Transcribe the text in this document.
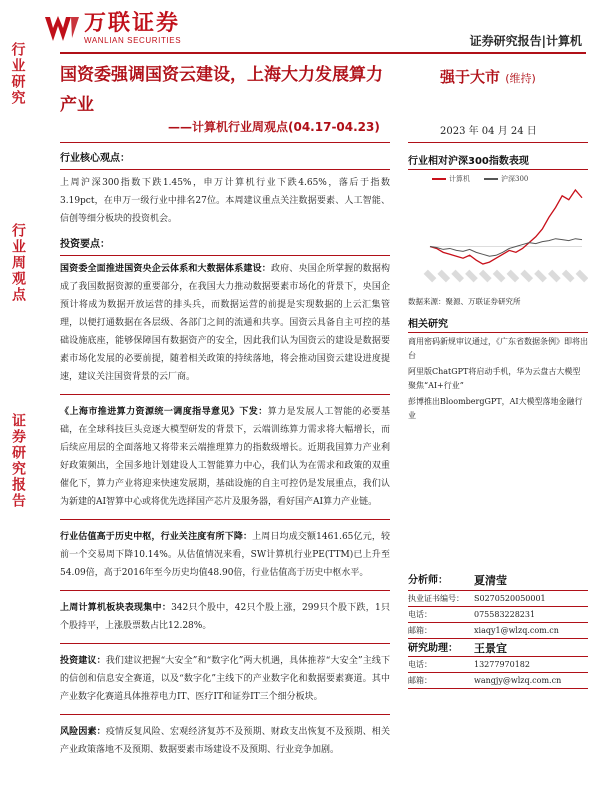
万联证券
WANLIAN SECURITIES	证券研究报告|计算机
行业研究
行业周观点
证券研究报告
国资委强调国资云建设，上海大力发展算力产业
——计算机行业周观点(04.17-04.23)
强于大市 (维持)
2023 年 04 月 24 日
行业核心观点：
上周沪深300指数下跌1.45%，申万计算机行业下跌4.65%，落后于指数3.19pct，在申万一级行业中排名27位。本周建议重点关注数据要素、人工智能、信创等细分板块的投资机会。
投资要点：
国资委全面推进国资央企云体系和大数据体系建设：政府、央国企所掌握的数据构成了我国数据资源的重要部分，在我国大力推动数据要素市场化的背景下，央国企预计将成为数据开放运营的排头兵，而数据运营的前提是实现数据的上云汇集管理，以便打通数据在各层级、各部门之间的流通和共享。国资云具备自主可控的基础设施底座，能够保障国有数据资产的安全，因此我们认为国资云的建设是数据要素市场化发展的必要前提，随着相关政策的持续落地，将会推动国资云建设进度提速，建议关注国资背景的云厂商。
《上海市推进算力资源统一调度指导意见》下发：算力是发展人工智能的必要基础，在全球科技巨头竞逐大模型研发的背景下，云端训练算力需求将大幅增长，而后续应用层的全面落地又将带来云端推理算力的指数级增长。近期我国算力产业利好政策频出，全国多地计划建设人工智能算力中心，我们认为在需求和政策的双重催化下，算力产业将迎来快速发展期，基础设施的自主可控仍是发展重点，我们认为新建的AI智算中心或将优先选择国产芯片及服务器，看好国产AI算力产业链。
行业估值高于历史中枢，行业关注度有所下降：上周日均成交额1461.65亿元，较前一个交易周下降10.14%。从估值情况来看，SW计算机行业PE(TTM)已上升至54.09倍，高于2016年至今历史均值48.90倍，行业估值高于历史中枢水平。
上周计算机板块表现集中：342只个股中，42只个股上涨，299只个股下跌，1只个股持平，上涨股票数占比12.28%。
投资建议：我们建议把握“大安全”和“数字化”两大机遇，具体推荐“大安全”主线下的信创和信息安全赛道，以及“数字化”主线下的产业数字化和数据要素赛道。其中产业数字化赛道具体推荐电力IT、医疗IT和证券IT三个细分板块。
风险因素：疫情反复风险、宏观经济复苏不及预期、财政支出恢复不及预期、相关产业政策落地不及预期、数据要素市场建设不及预期、行业竞争加剧。
行业相对沪深300指数表现
计算机	沪深300
数据来源：聚源、万联证券研究所
相关研究

商用密码新规审议通过，《广东省数据条例》即将出台

阿里版ChatGPT将启动手机，华为云盘古大模型聚焦“AI+行业”

彭博推出BloombergGPT，AI大模型落地金融行业

分析师：	夏清莹
执业证书编号：	S0270520050001
电话：	075583228231
邮箱：	xiaqy1@wlzq.com.cn
研究助理：	王景宜
电话：	13277970182
邮箱：	wangjy@wlzq.com.cn
